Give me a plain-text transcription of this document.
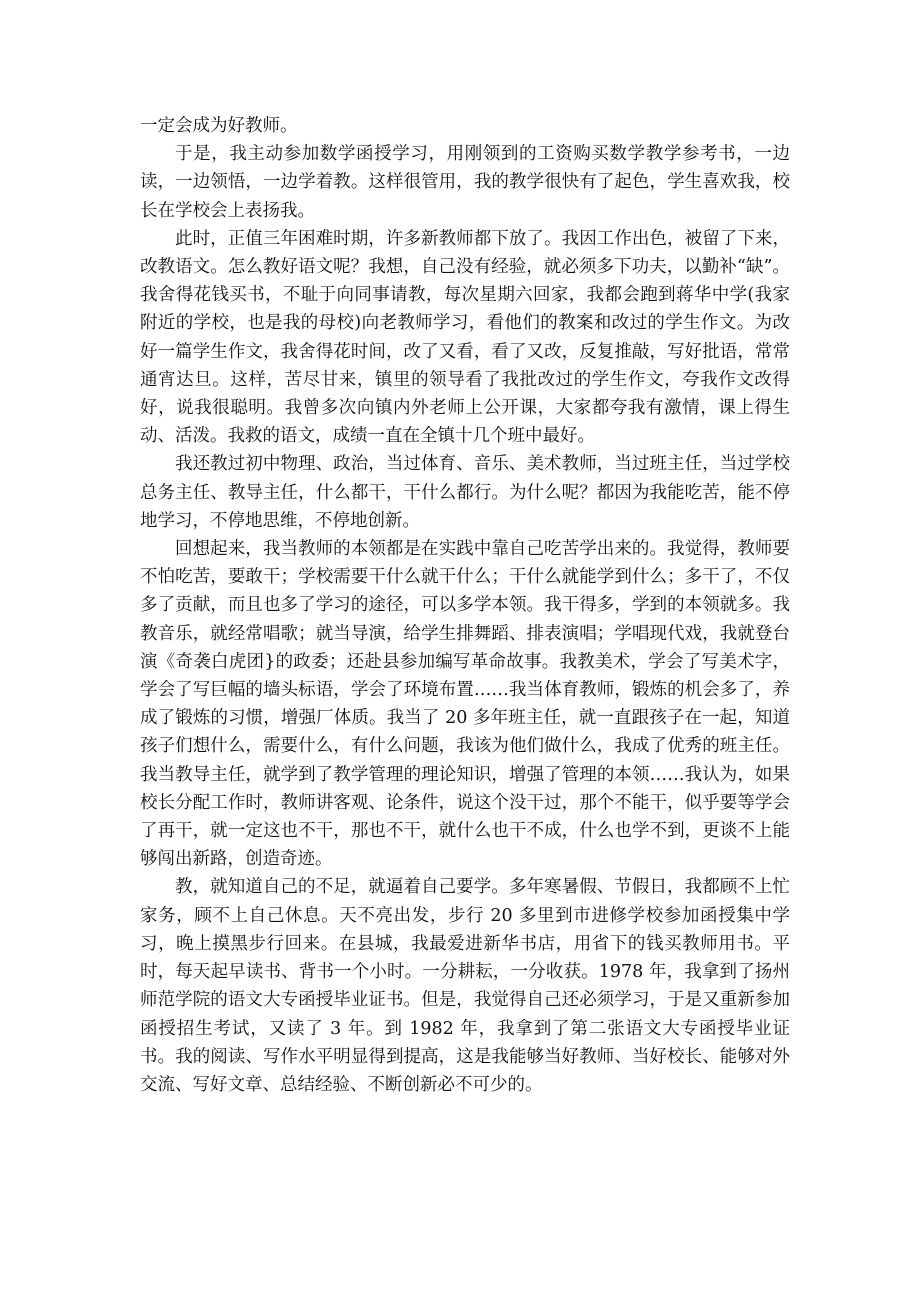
一定会成为好教师。

于是，我主动参加数学函授学习，用刚领到的工资购买数学教学参考书，一边读，一边领悟，一边学着教。这样很管用，我的教学很快有了起色，学生喜欢我，校长在学校会上表扬我。

此时，正值三年困难时期，许多新教师都下放了。我因工作出色，被留了下来，改教语文。怎么教好语文呢？我想，自己没有经验，就必须多下功夫，以勤补“缺”。我舍得花钱买书，不耻于向同事请教，每次星期六回家，我都会跑到蒋华中学(我家附近的学校，也是我的母校)向老教师学习，看他们的教案和改过的学生作文。为改好一篇学生作文，我舍得花时间，改了又看，看了又改，反复推敲，写好批语，常常通宵达旦。这样，苦尽甘来，镇里的领导看了我批改过的学生作文，夸我作文改得好，说我很聪明。我曾多次向镇内外老师上公开课，大家都夸我有激情，课上得生动、活泼。我救的语文，成绩一直在全镇十几个班中最好。

我还教过初中物理、政治，当过体育、音乐、美术教师，当过班主任，当过学校总务主任、教导主任，什么都干，干什么都行。为什么呢？都因为我能吃苦，能不停地学习，不停地思维，不停地创新。

回想起来，我当教师的本领都是在实践中靠自己吃苦学出来的。我觉得，教师要不怕吃苦，要敢干；学校需要干什么就干什么；干什么就能学到什么；多干了，不仅多了贡献，而且也多了学习的途径，可以多学本领。我干得多，学到的本领就多。我教音乐，就经常唱歌；就当导演，给学生排舞蹈、排表演唱；学唱现代戏，我就登台演《奇袭白虎团}的政委；还赴县参加编写革命故事。我教美术，学会了写美术字，学会了写巨幅的墙头标语，学会了环境布置……我当体育教师，锻炼的机会多了，养成了锻炼的习惯，增强厂体质。我当了 20 多年班主任，就一直跟孩子在一起，知道孩子们想什么，需要什么，有什么问题，我该为他们做什么，我成了优秀的班主任。我当教导主任，就学到了教学管理的理论知识，增强了管理的本领……我认为，如果校长分配工作时，教师讲客观、论条件，说这个没干过，那个不能干，似乎要等学会了再干，就一定这也不干，那也不干，就什么也干不成，什么也学不到，更谈不上能够闯出新路，创造奇迹。

教，就知道自己的不足，就逼着自己要学。多年寒暑假、节假日，我都顾不上忙家务，顾不上自己休息。天不亮出发，步行 20 多里到市进修学校参加函授集中学习，晚上摸黑步行回来。在县城，我最爱进新华书店，用省下的钱买教师用书。平时，每天起早读书、背书一个小时。一分耕耘，一分收获。1978 年，我拿到了扬州师范学院的语文大专函授毕业证书。但是，我觉得自己还必须学习，于是又重新参加函授招生考试，又读了 3 年。到 1982 年，我拿到了第二张语文大专函授毕业证书。我的阅读、写作水平明显得到提高，这是我能够当好教师、当好校长、能够对外交流、写好文章、总结经验、不断创新必不可少的。
